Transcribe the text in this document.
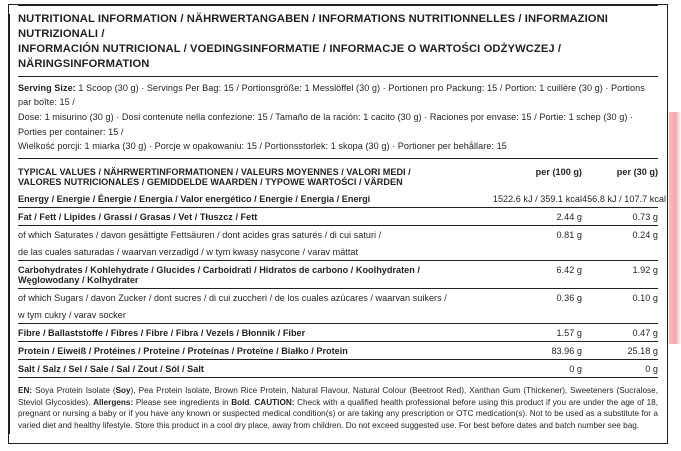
NUTRITIONAL INFORMATION / NÄHRWERTANGABEN / INFORMATIONS NUTRITIONNELLES / INFORMAZIONI NUTRIZIONALI /
INFORMACIÓN NUTRICIONAL / VOEDINGSINFORMATIE / INFORMACJE O WARTOŚCI ODŻYWCZEJ / NÄRINGSINFORMATION
Serving Size: 1 Scoop (30 g) · Servings Per Bag: 15 / Portionsgröße: 1 Messlöffel (30 g) · Portionen pro Packung: 15 / Portion: 1 cuillère (30 g) · Portions par boîte: 15 /
Dose: 1 misurino (30 g) · Dosi contenute nella confezione: 15 / Tamaño de la ración: 1 cacito (30 g) · Raciones por envase: 15 / Portie: 1 schep (30 g) · Porties per container: 15 /
Wielkość porcji: 1 miarka (30 g) · Porcje w opakowaniu: 15 / Portionsstorlek: 1 skopa (30 g) · Portioner per behållare: 15
TYPICAL VALUES / NÄHRWERTINFORMATIONEN / VALEURS MOYENNES / VALORI MEDI /
VALORES NUTRICIONALES / GEMIDDELDE WAARDEN / TYPOWE WARTOŚCI / VÄRDEN	per (100 g)	per (30 g)
Energy / Energie / Énergie / Energia / Valor energético / Energie / Energia / Energi	1522.6 kJ / 359.1 kcal	456.8 kJ / 107.7 kcal
Fat / Fett / Lipides / Grassi / Grasas / Vet / Tłuszcz / Fett	2.44 g	0.73 g
of which Saturates / davon gesättigte Fettsäuren / dont acides gras saturés / di cui saturi /	0.81 g	0.24 g
de las cuales saturadas / waarvan verzadigd / w tym kwasy nasycone / varav mättat		
Carbohydrates / Kohlehydrate / Glucides / Carboidrati / Hidratos de carbono / Koolhydraten / Węglowodany / Kolhydrater	6.42 g	1.92 g
of which Sugars / davon Zucker / dont sucres / di cui zuccheri / de los cuales azúcares / waarvan suikers /	0.36 g	0.10 g
w tym cukry / varav socker		
Fibre / Ballaststoffe / Fibres / Fibre / Fibra / Vezels / Błonnik / Fiber	1.57 g	0.47 g
Protein / Eiweiß / Protéines / Proteine / Proteínas / Proteïne / Białko / Protein	83.96 g	25.18 g
Salt / Salz / Sel / Sale / Sal / Zout / Sól / Salt	0 g	0 g
EN: Soya Protein Isolate (Soy), Pea Protein Isolate, Brown Rice Protein, Natural Flavour, Natural Colour (Beetroot Red), Xanthan Gum (Thickener), Sweeteners (Sucralose, Steviol Glycosides). Allergens: Please see ingredients in Bold. CAUTION: Check with a qualified health professional before using this product if you are under the age of 18, pregnant or nursing a baby or if you have any known or suspected medical condition(s) or are taking any prescription or OTC medication(s). Not to be used as a substitute for a varied diet and healthy lifestyle. Store this product in a cool dry place, away from children. Do not exceed suggested use. For best before dates and batch number see bag.
